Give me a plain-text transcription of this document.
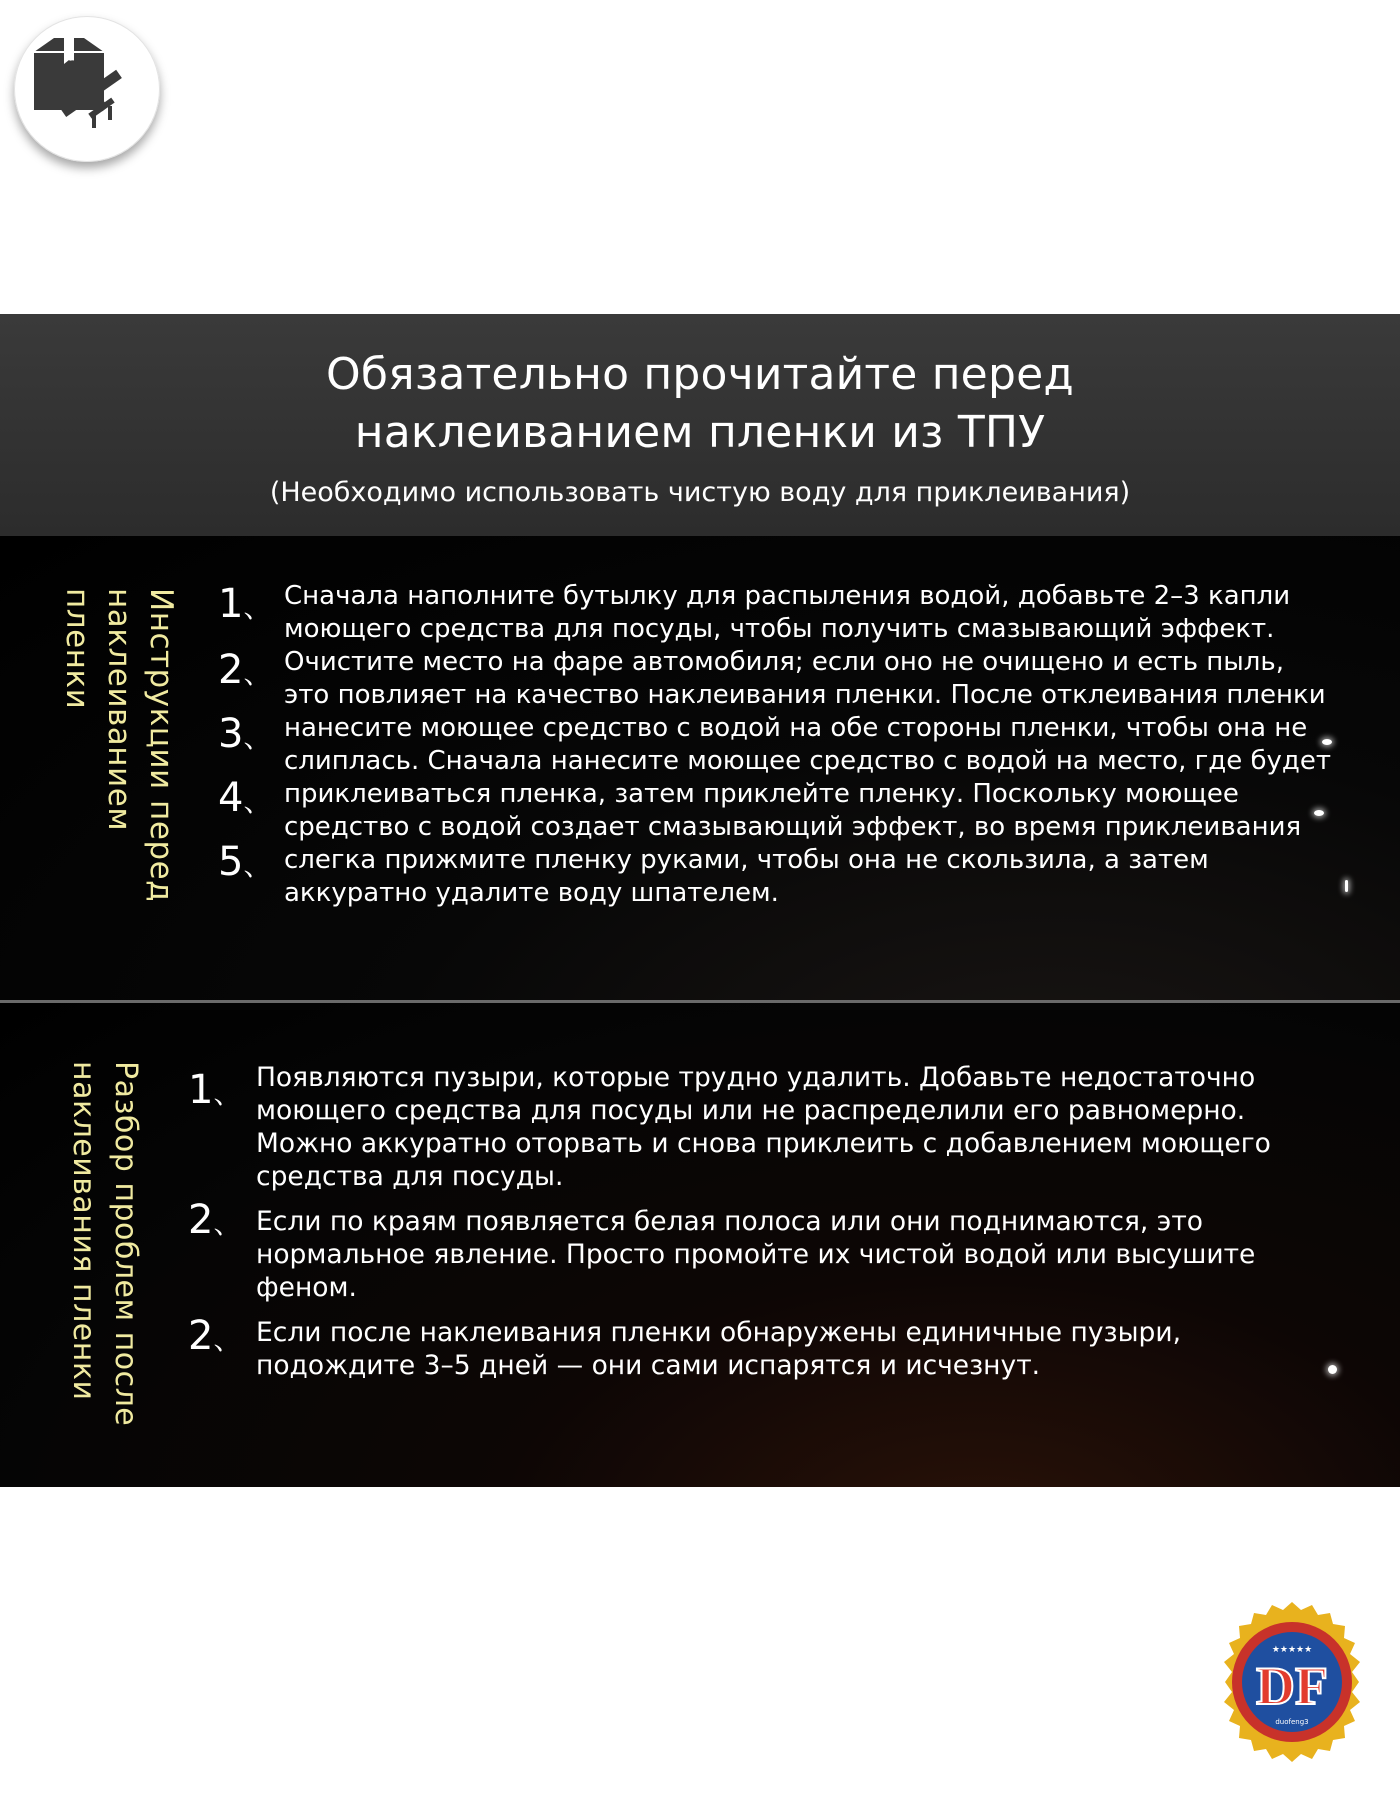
Обязательно прочитайте перед
наклеиванием пленки из ТПУ
(Необходимо использовать чистую воду для приклеивания)
Инструкции перед
наклеиванием
пленки	1、
2、
3、
4、
5、
Сначала наполните бутылку для распыления водой, добавьте 2–3 капли
моющего средства для посуды, чтобы получить смазывающий эффект.
Очистите место на фаре автомобиля; если оно не очищено и есть пыль,
это повлияет на качество наклеивания пленки. После отклеивания пленки
нанесите моющее средство с водой на обе стороны пленки, чтобы она не
слиплась. Сначала нанесите моющее средство с водой на место, где будет
приклеиваться пленка, затем приклейте пленку. Поскольку моющее
средство с водой создает смазывающий эффект, во время приклеивания
слегка прижмите пленку руками, чтобы она не скользила, а затем
аккуратно удалите воду шпателем.
Разбор проблем после
наклеивания пленки
1、
2、
2、
Появляются пузыри, которые трудно удалить. Добавьте недостаточно
моющего средства для посуды или не распределили его равномерно.
Можно аккуратно оторвать и снова приклеить с добавлением моющего
средства для посуды.
Если по краям появляется белая полоса или они поднимаются, это
нормальное явление. Просто промойте их чистой водой или высушите
феном.
Если после наклеивания пленки обнаружены единичные пузыри,
подождите 3–5 дней — они сами испарятся и исчезнут.
★★★★★
DF
duofeng3
